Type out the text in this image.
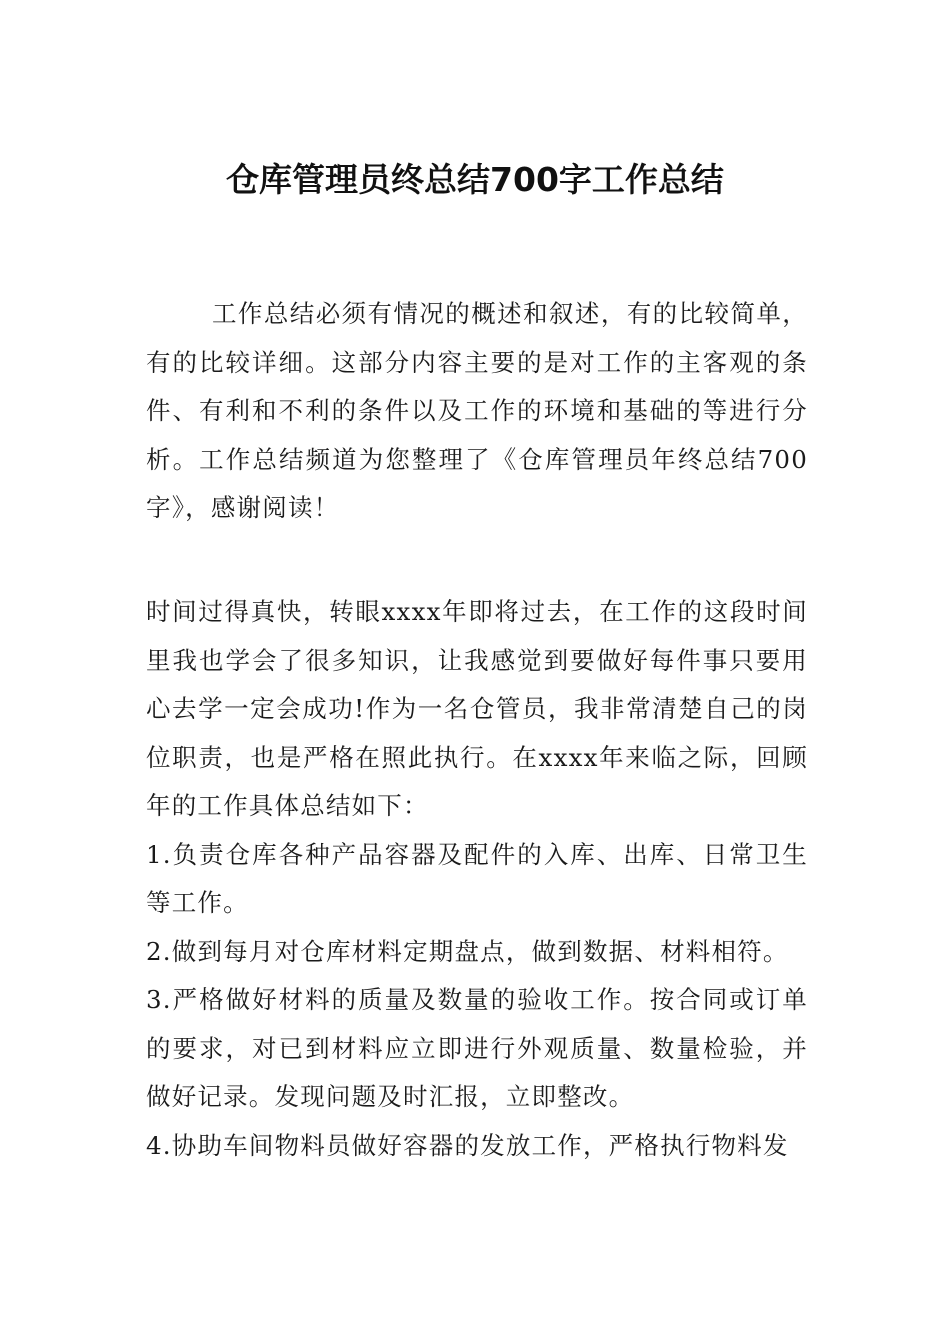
仓库管理员终总结700字工作总结

工作总结必须有情况的概述和叙述，有的比较简单，有的比较详细。这部分内容主要的是对工作的主客观的条件、有利和不利的条件以及工作的环境和基础的等进行分析。工作总结频道为您整理了《仓库管理员年终总结700字》，感谢阅读！

时间过得真快，转眼xxxx年即将过去，在工作的这段时间里我也学会了很多知识，让我感觉到要做好每件事只要用心去学一定会成功!作为一名仓管员，我非常清楚自己的岗位职责，也是严格在照此执行。在xxxx年来临之际，回顾年的工作具体总结如下：

1.负责仓库各种产品容器及配件的入库、出库、日常卫生等工作。

2.做到每月对仓库材料定期盘点，做到数据、材料相符。

3.严格做好材料的质量及数量的验收工作。按合同或订单的要求，对已到材料应立即进行外观质量、数量检验，并做好记录。发现问题及时汇报，立即整改。

4.协助车间物料员做好容器的发放工作，严格执行物料发
